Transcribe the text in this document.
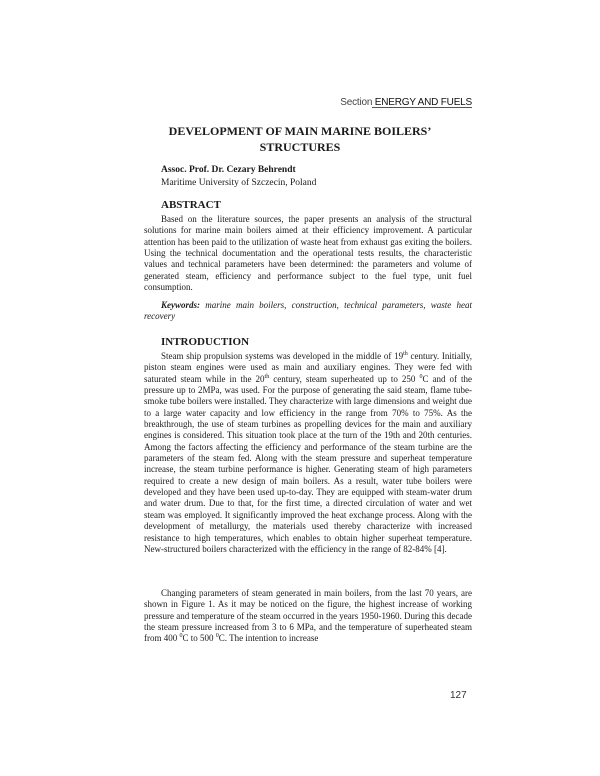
Section ENERGY AND FUELS
DEVELOPMENT OF MAIN MARINE BOILERS’
STRUCTURES
Assoc. Prof. Dr. Cezary Behrendt
Maritime University of Szczecin, Poland
ABSTRACT
Based on the literature sources, the paper presents an analysis of the structural solutions for marine main boilers aimed at their efficiency improvement. A particular attention has been paid to the utilization of waste heat from exhaust gas exiting the boilers. Using the technical documentation and the operational tests results, the characteristic values and technical parameters have been determined: the parameters and volume of generated steam, efficiency and performance subject to the fuel type, unit fuel consumption.
Keywords: marine main boilers, construction, technical parameters, waste heat recovery
INTRODUCTION
Steam ship propulsion systems was developed in the middle of 19th century. Initially, piston steam engines were used as main and auxiliary engines. They were fed with saturated steam while in the 20th century, steam superheated up to 250 $^0$C and of the pressure up to 2MPa, was used. For the purpose of generating the said steam, flame tube-smoke tube boilers were installed. They characterize with large dimensions and weight due to a large water capacity and low efficiency in the range from 70% to 75%. As the breakthrough, the use of steam turbines as propelling devices for the main and auxiliary engines is considered. This situation took place at the turn of the 19th and 20th centuries. Among the factors affecting the efficiency and performance of the steam turbine are the parameters of the steam fed. Along with the steam pressure and superheat temperature increase, the steam turbine performance is higher. Generating steam of high parameters required to create a new design of main boilers. As a result, water tube boilers were developed and they have been used up-to-day. They are equipped with steam-water drum and water drum. Due to that, for the first time, a directed circulation of water and wet steam was employed. It significantly improved the heat exchange process. Along with the development of metallurgy, the materials used thereby characterize with increased resistance to high temperatures, which enables to obtain higher superheat temperature. New-structured boilers characterized with the efficiency in the range of 82-84% [4].
Changing parameters of steam generated in main boilers, from the last 70 years, are shown in Figure 1. As it may be noticed on the figure, the highest increase of working pressure and temperature of the steam occurred in the years 1950-1960. During this decade the steam pressure increased from 3 to 6 MPa, and the temperature of superheated steam from 400 $^0$C to 500 $^0$C. The intention to increase
127
